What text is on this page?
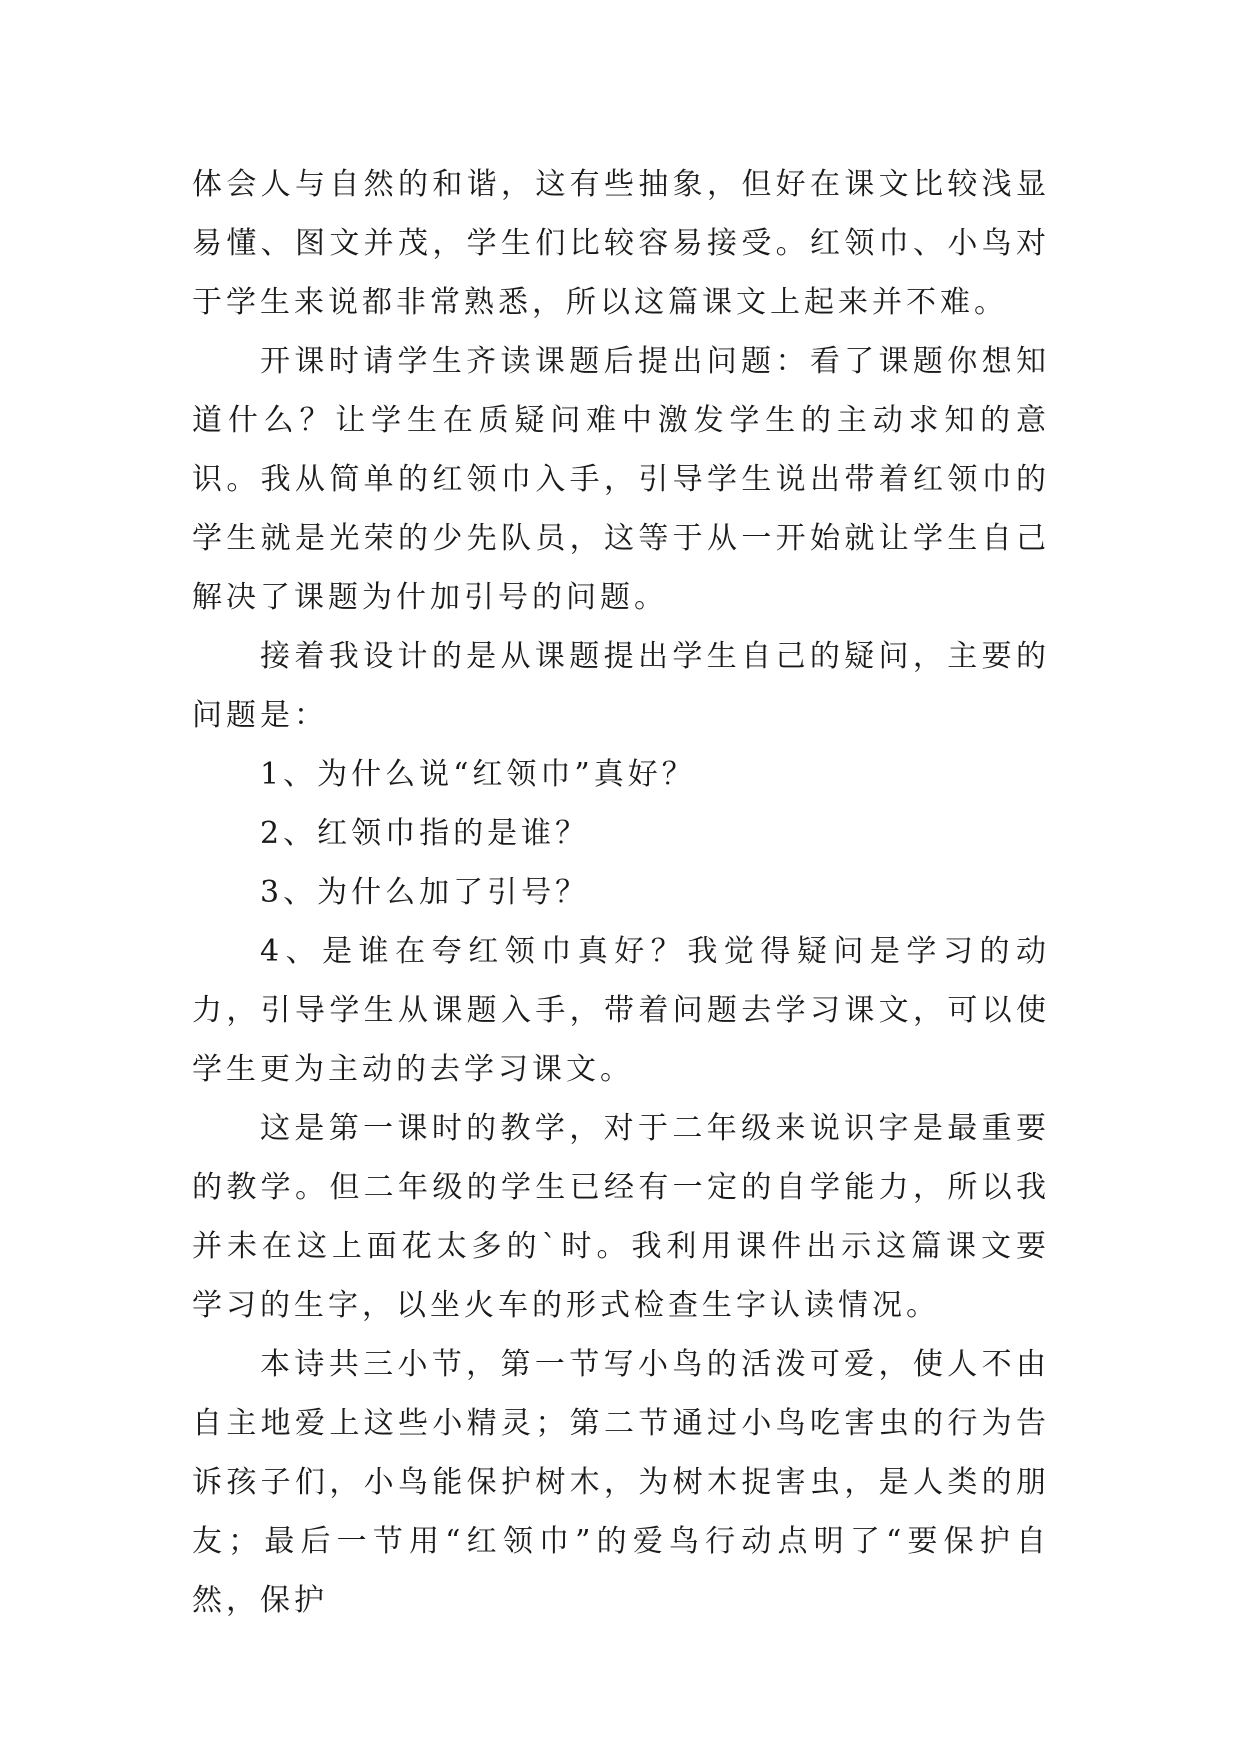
体会人与自然的和谐，这有些抽象，但好在课文比较浅显易懂、图文并茂，学生们比较容易接受。红领巾、小鸟对于学生来说都非常熟悉，所以这篇课文上起来并不难。

开课时请学生齐读课题后提出问题：看了课题你想知道什么？让学生在质疑问难中激发学生的主动求知的意识。我从简单的红领巾入手，引导学生说出带着红领巾的学生就是光荣的少先队员，这等于从一开始就让学生自己解决了课题为什加引号的问题。

接着我设计的是从课题提出学生自己的疑问，主要的问题是：

1、为什么说“红领巾”真好？

2、红领巾指的是谁？

3、为什么加了引号？

4、是谁在夸红领巾真好？我觉得疑问是学习的动力，引导学生从课题入手，带着问题去学习课文，可以使学生更为主动的去学习课文。

这是第一课时的教学，对于二年级来说识字是最重要的教学。但二年级的学生已经有一定的自学能力，所以我并未在这上面花太多的`时。我利用课件出示这篇课文要学习的生字，以坐火车的形式检查生字认读情况。

本诗共三小节，第一节写小鸟的活泼可爱，使人不由自主地爱上这些小精灵；第二节通过小鸟吃害虫的行为告诉孩子们，小鸟能保护树木，为树木捉害虫，是人类的朋友；最后一节用“红领巾”的爱鸟行动点明了“要保护自然，保护
